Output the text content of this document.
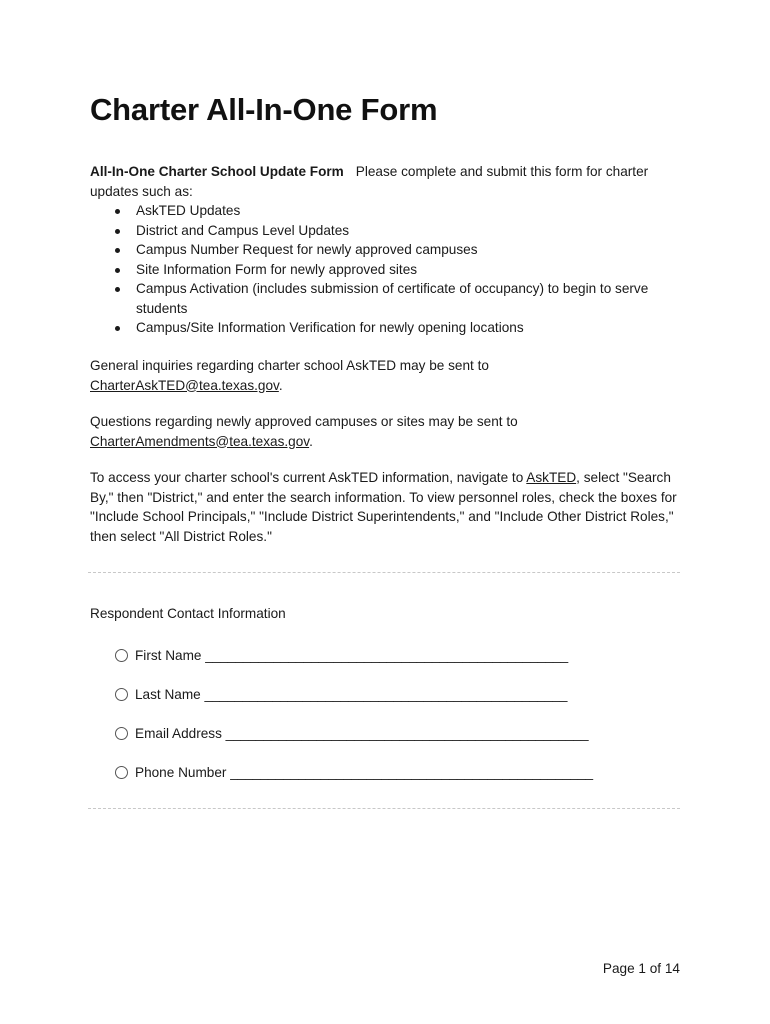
Charter All-In-One Form
All-In-One Charter School Update Form Please complete and submit this form for charter updates such as:
AskTED Updates
District and Campus Level Updates
Campus Number Request for newly approved campuses
Site Information Form for newly approved sites
Campus Activation (includes submission of certificate of occupancy) to begin to serve students
Campus/Site Information Verification for newly opening locations
General inquiries regarding charter school AskTED may be sent to
CharterAskTED@tea.texas.gov.
Questions regarding newly approved campuses or sites may be sent to
CharterAmendments@tea.texas.gov.
To access your charter school's current AskTED information, navigate to AskTED, select "Search By," then "District," and enter the search information. To view personnel roles, check the boxes for "Include School Principals," "Include District Superintendents," and "Include Other District Roles," then select "All District Roles."
Respondent Contact Information
First Name ________________________________________________
Last Name ________________________________________________
Email Address ________________________________________________
Phone Number ________________________________________________
Page 1 of 14
